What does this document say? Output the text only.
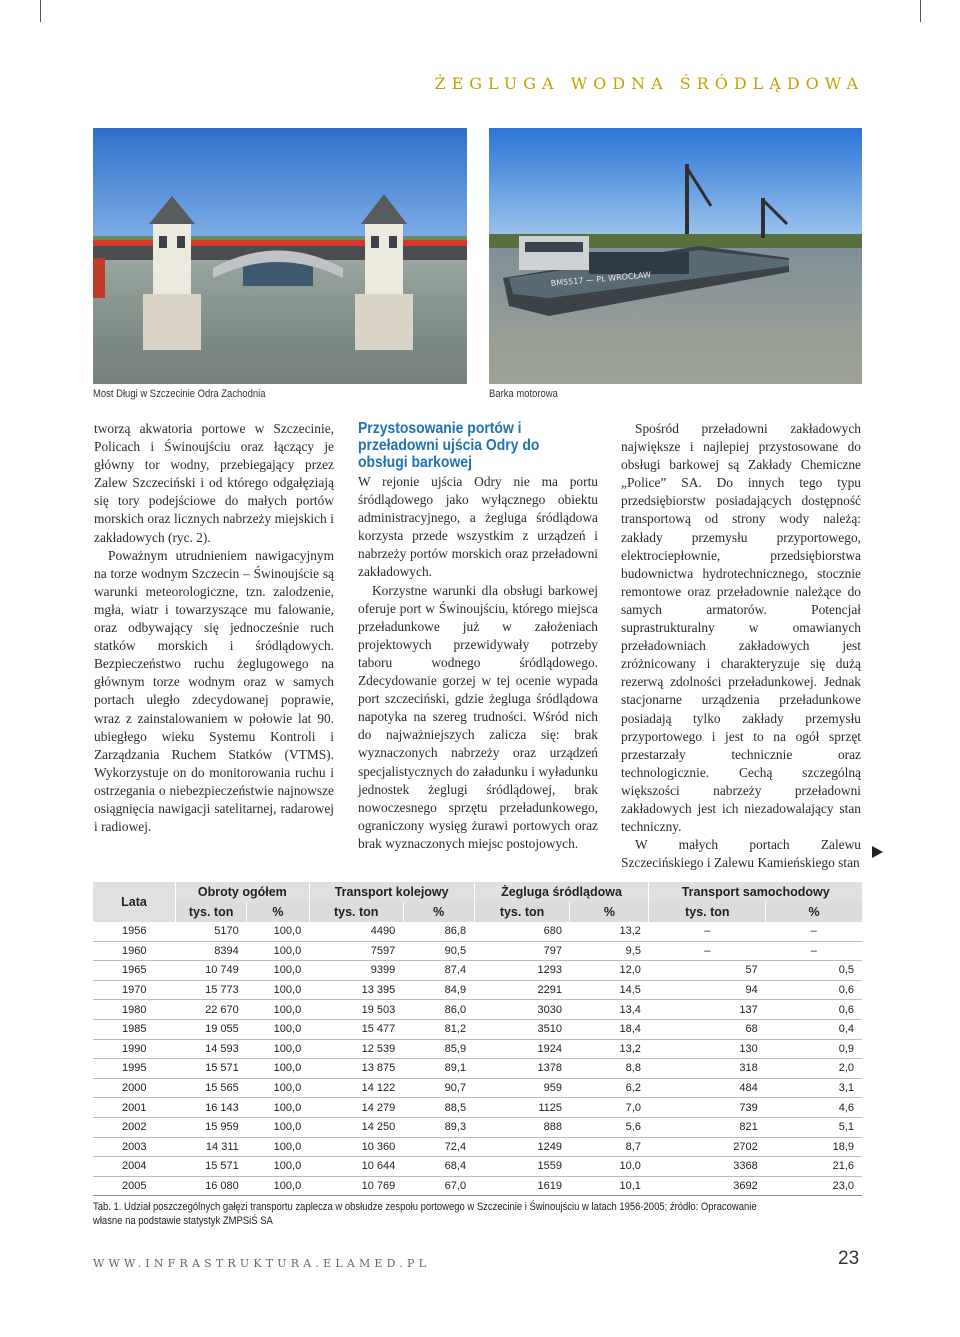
ŻEGLUGA WODNA ŚRÓDLĄDOWA
Most Długi w Szczecinie Odra Zachodnia
BM5517 — PL WROCŁAW
Barka motorowa

tworzą akwatoria portowe w Szczecinie, Policach i Świnoujściu oraz łączący je główny tor wodny, przebiegający przez Zalew Szczeciński i od którego odgałęziają się tory podejściowe do małych portów morskich oraz licznych nabrzeży miejskich i zakładowych (ryc. 2).

Poważnym utrudnieniem nawigacyjnym na torze wodnym Szczecin – Świnoujście są warunki meteorologiczne, tzn. zalodzenie, mgła, wiatr i towarzyszące mu falowanie, oraz odbywający się jednocześnie ruch statków morskich i śródlądowych. Bezpieczeństwo ruchu żeglugowego na głównym torze wodnym oraz w samych portach uległo zdecydowanej poprawie, wraz z zainstalowaniem w połowie lat 90. ubiegłego wieku Systemu Kontroli i Zarządzania Ruchem Statków (VTMS). Wykorzystuje on do monitorowania ruchu i ostrzegania o niebezpieczeństwie najnowsze osiągnięcia nawigacji satelitarnej, radarowej i radiowej.

Przystosowanie portów i przeładowni ujścia Odry do obsługi barkowej

W rejonie ujścia Odry nie ma portu śródlądowego jako wyłącznego obiektu administracyjnego, a żegluga śródlądowa korzysta przede wszystkim z urządzeń i nabrzeży portów morskich oraz przeładowni zakładowych.

Korzystne warunki dla obsługi barkowej oferuje port w Świnoujściu, którego miejsca przeładunkowe już w założeniach projektowych przewidywały potrzeby taboru wodnego śródlądowego. Zdecydowanie gorzej w tej ocenie wypada port szczeciński, gdzie żegluga śródlądowa napotyka na szereg trudności. Wśród nich do najważniejszych zalicza się: brak wyznaczonych nabrzeży oraz urządzeń specjalistycznych do załadunku i wyładunku jednostek żeglugi śródlądowej, brak nowoczesnego sprzętu przeładunkowego, ograniczony wysięg żurawi portowych oraz brak wyznaczonych miejsc postojowych.

Spośród przeładowni zakładowych największe i najlepiej przystosowane do obsługi barkowej są Zakłady Chemiczne „Police” SA. Do innych tego typu przedsiębiorstw posiadających dostępność transportową od strony wody należą: zakłady przemysłu przyportowego, elektrociepłownie, przedsiębiorstwa budownictwa hydrotechnicznego, stocznie remontowe oraz przeładownie należące do samych armatorów. Potencjał suprastrukturalny w omawianych przeładowniach zakładowych jest zróżnicowany i charakteryzuje się dużą rezerwą zdolności przeładunkowej. Jednak stacjonarne urządzenia przeładunkowe posiadają tylko zakłady przemysłu przyportowego i jest to na ogół sprzęt przestarzały technicznie oraz technologicznie. Cechą szczególną większości nabrzeży przeładowni zakładowych jest ich niezadowalający stan techniczny.

W małych portach Zalewu Szczecińskiego i Zalewu Kamieńskiego stan

Lata	Obroty ogółem		Transport kolejowy		Żegluga śródlądowa		Transport samochodowy	
	tys. ton	%	tys. ton	%	tys. ton	%	tys. ton	%
1956	5170	100,0	4490	86,8	680	13,2	–	–
1960	8394	100,0	7597	90,5	797	9,5	–	–
1965	10 749	100,0	9399	87,4	1293	12,0	57	0,5
1970	15 773	100,0	13 395	84,9	2291	14,5	94	0,6
1980	22 670	100,0	19 503	86,0	3030	13,4	137	0,6
1985	19 055	100,0	15 477	81,2	3510	18,4	68	0,4
1990	14 593	100,0	12 539	85,9	1924	13,2	130	0,9
1995	15 571	100,0	13 875	89,1	1378	8,8	318	2,0
2000	15 565	100,0	14 122	90,7	959	6,2	484	3,1
2001	16 143	100,0	14 279	88,5	1125	7,0	739	4,6
2002	15 959	100,0	14 250	89,3	888	5,6	821	5,1
2003	14 311	100,0	10 360	72,4	1249	8,7	2702	18,9
2004	15 571	100,0	10 644	68,4	1559	10,0	3368	21,6
2005	16 080	100,0	10 769	67,0	1619	10,1	3692	23,0
Tab. 1. Udział poszczególnych gałęzi transportu zaplecza w obsłudze zespołu portowego w Szczecinie i Świnoujściu w latach 1956-2005; źródło: Opracowanie własne na podstawie statystyk ZMPSiŚ SA
WWW.INFRASTRUKTURA.ELAMED.PL	23
